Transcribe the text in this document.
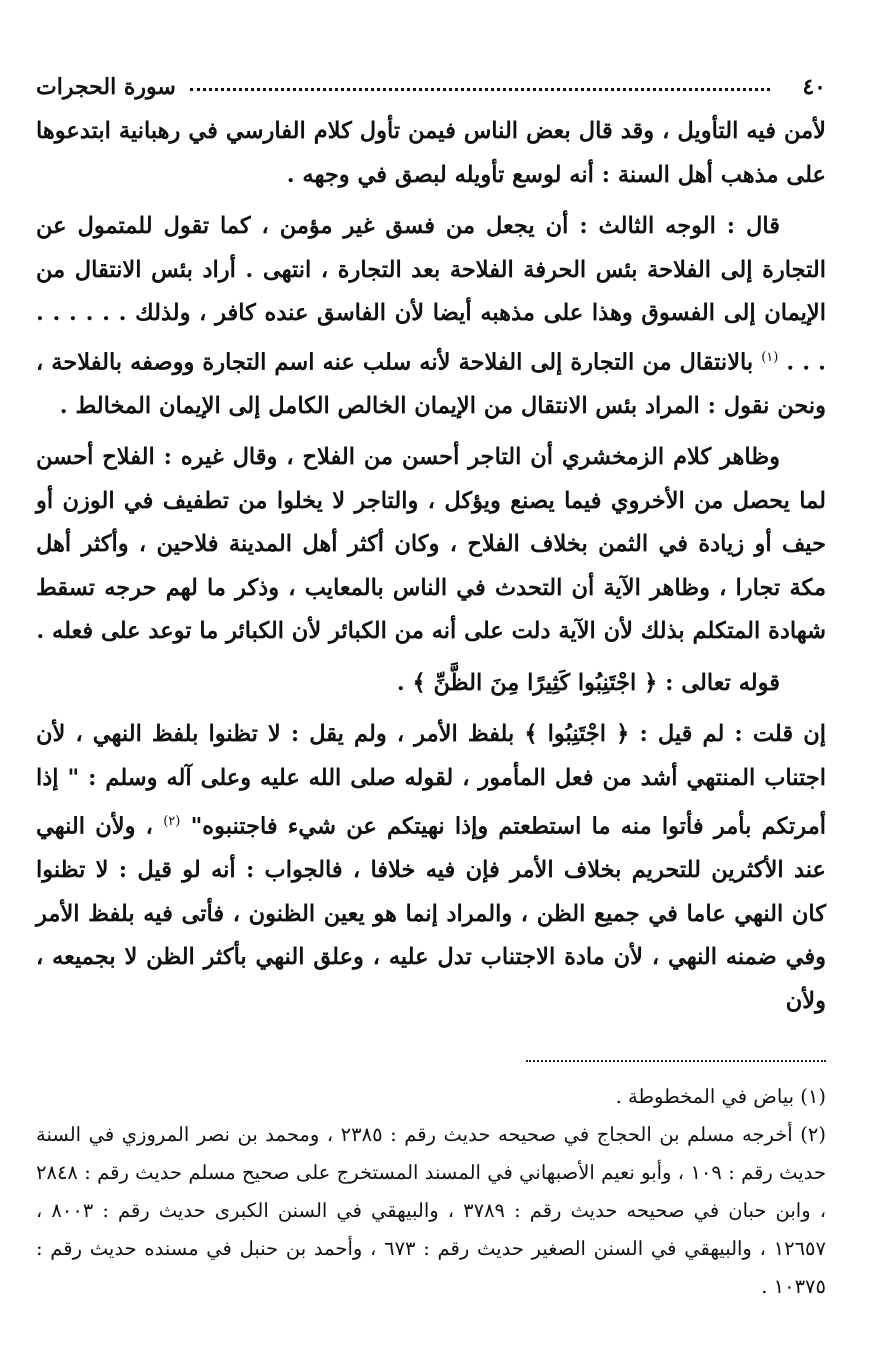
٤٠
سورة الحجرات

لأمن فيه التأويل ، وقد قال بعض الناس فيمن تأول كلام الفارسي في رهبانية ابتدعوها على مذهب أهل السنة : أنه لوسع تأويله لبصق في وجهه .

قال : الوجه الثالث : أن يجعل من فسق غير مؤمن ، كما تقول للمتمول عن التجارة إلى الفلاحة بئس الحرفة الفلاحة بعد التجارة ، انتهى . أراد بئس الانتقال من الإيمان إلى الفسوق وهذا على مذهبه أيضا لأن الفاسق عنده كافر ، ولذلك . . . . . . . . . $^{(١)}$ بالانتقال من التجارة إلى الفلاحة لأنه سلب عنه اسم التجارة ووصفه بالفلاحة ، ونحن نقول : المراد بئس الانتقال من الإيمان الخالص الكامل إلى الإيمان المخالط .

وظاهر كلام الزمخشري أن التاجر أحسن من الفلاح ، وقال غيره : الفلاح أحسن لما يحصل من الأخروي فيما يصنع ويؤكل ، والتاجر لا يخلوا من تطفيف في الوزن أو حيف أو زيادة في الثمن بخلاف الفلاح ، وكان أكثر أهل المدينة فلاحين ، وأكثر أهل مكة تجارا ، وظاهر الآية أن التحدث في الناس بالمعايب ، وذكر ما لهم حرجه تسقط شهادة المتكلم بذلك لأن الآية دلت على أنه من الكبائر لأن الكبائر ما توعد على فعله .

قوله تعالى : ﴿ اجْتَنِبُوا كَثِيرًا مِنَ الظَّنِّ ﴾ .

إن قلت : لم قيل : ﴿ اجْتَنِبُوا ﴾ بلفظ الأمر ، ولم يقل : لا تظنوا بلفظ النهي ، لأن اجتناب المنتهي أشد من فعل المأمور ، لقوله صلى الله عليه وعلى آله وسلم : " إذا أمرتكم بأمر فأتوا منه ما استطعتم وإذا نهيتكم عن شيء فاجتنبوه" $^{(٢)}$ ، ولأن النهي عند الأكثرين للتحريم بخلاف الأمر فإن فيه خلافا ، فالجواب : أنه لو قيل : لا تظنوا كان النهي عاما في جميع الظن ، والمراد إنما هو يعين الظنون ، فأتى فيه بلفظ الأمر وفي ضمنه النهي ، لأن مادة الاجتناب تدل عليه ، وعلق النهي بأكثر الظن لا بجميعه ، ولأن

(١) بياض في المخطوطة .

(٢) أخرجه مسلم بن الحجاج في صحيحه حديث رقم : ٢٣٨٥ ، ومحمد بن نصر المروزي في السنة حديث رقم : ١٠٩ ، وأبو نعيم الأصبهاني في المسند المستخرج على صحيح مسلم حديث رقم : ٢٨٤٨ ، وابن حبان في صحيحه حديث رقم : ٣٧٨٩ ، والبيهقي في السنن الكبرى حديث رقم : ٨٠٠٣ ، ١٢٦٥٧ ، والبيهقي في السنن الصغير حديث رقم : ٦٧٣ ، وأحمد بن حنبل في مسنده حديث رقم : ١٠٣٧٥ .
